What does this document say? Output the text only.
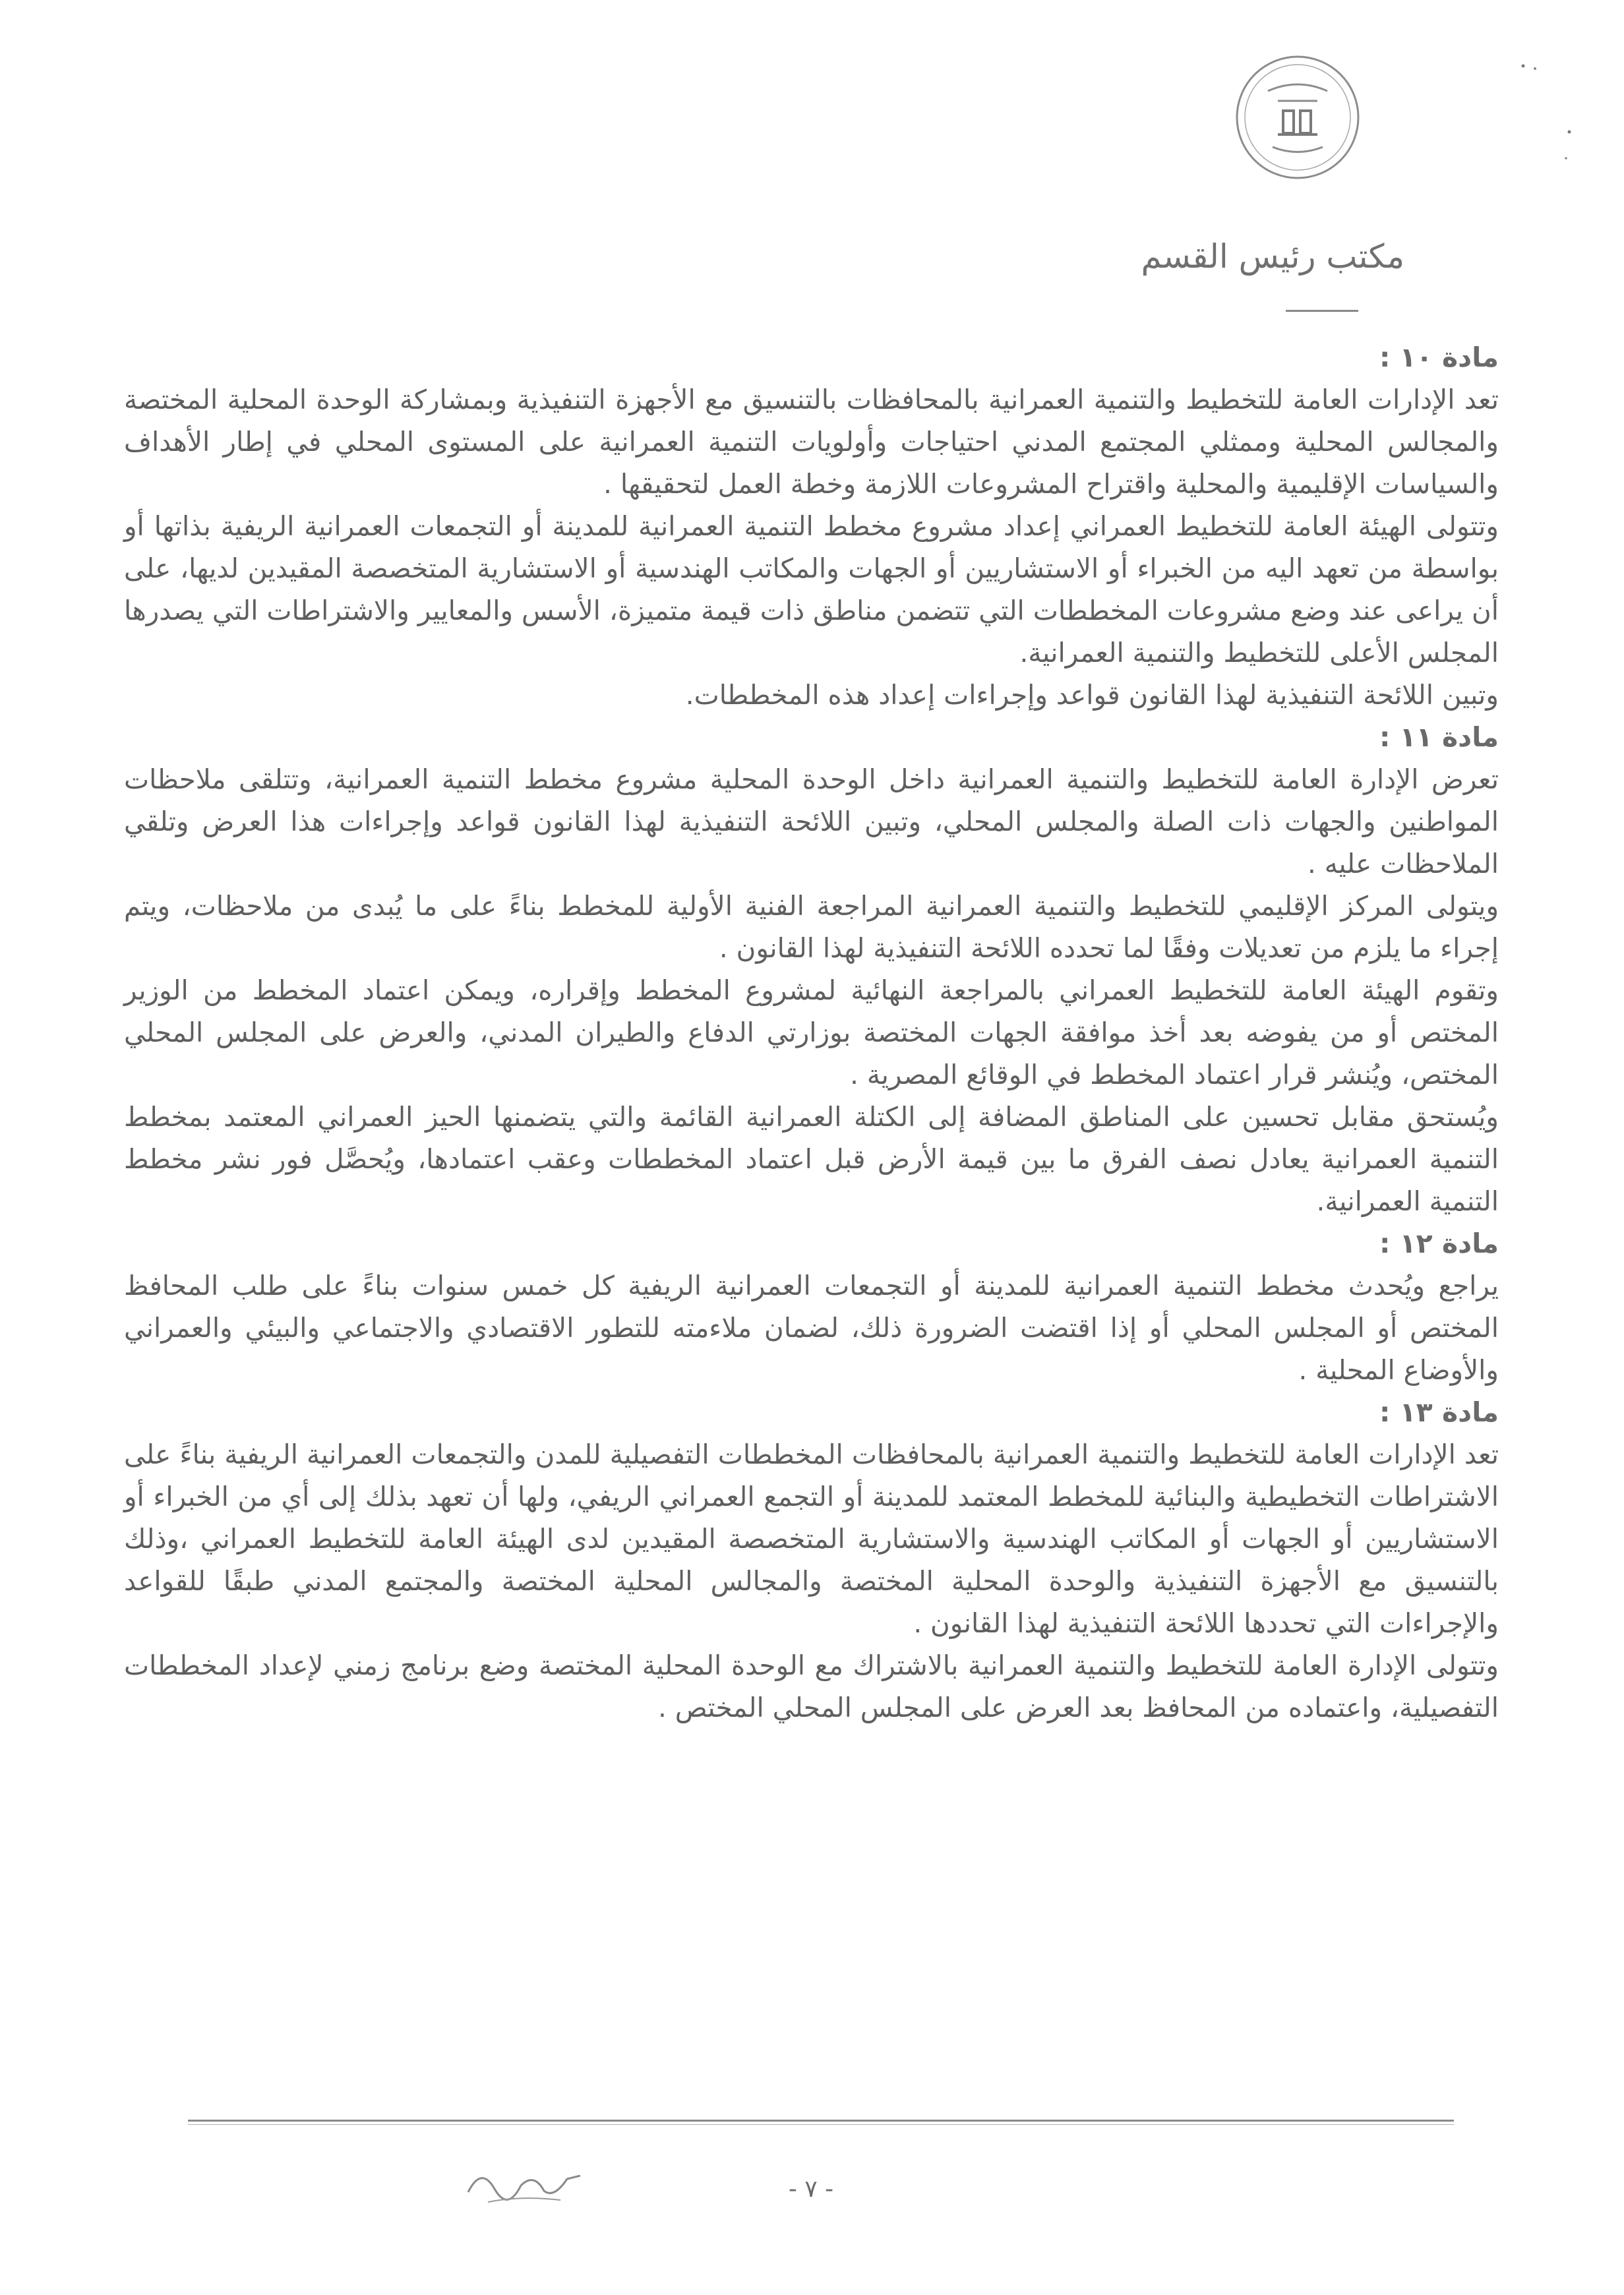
مكتب رئيس القسم
مادة ١٠ :

تعد الإدارات العامة للتخطيط والتنمية العمرانية بالمحافظات بالتنسيق مع الأجهزة التنفيذية وبمشاركة الوحدة المحلية المختصة والمجالس المحلية وممثلي المجتمع المدني احتياجات وأولويات التنمية العمرانية على المستوى المحلي في إطار الأهداف والسياسات الإقليمية والمحلية واقتراح المشروعات اللازمة وخطة العمل لتحقيقها .

وتتولى الهيئة العامة للتخطيط العمراني إعداد مشروع مخطط التنمية العمرانية للمدينة أو التجمعات العمرانية الريفية بذاتها أو بواسطة من تعهد اليه من الخبراء أو الاستشاريين أو الجهات والمكاتب الهندسية أو الاستشارية المتخصصة المقيدين لديها، على أن يراعى عند وضع مشروعات المخططات التي تتضمن مناطق ذات قيمة متميزة، الأسس والمعايير والاشتراطات التي يصدرها المجلس الأعلى للتخطيط والتنمية العمرانية.

وتبين اللائحة التنفيذية لهذا القانون قواعد وإجراءات إعداد هذه المخططات.

مادة ١١ :

تعرض الإدارة العامة للتخطيط والتنمية العمرانية داخل الوحدة المحلية مشروع مخطط التنمية العمرانية، وتتلقى ملاحظات المواطنين والجهات ذات الصلة والمجلس المحلي، وتبين اللائحة التنفيذية لهذا القانون قواعد وإجراءات هذا العرض وتلقي الملاحظات عليه .

ويتولى المركز الإقليمي للتخطيط والتنمية العمرانية المراجعة الفنية الأولية للمخطط بناءً على ما يُبدى من ملاحظات، ويتم إجراء ما يلزم من تعديلات وفقًا لما تحدده اللائحة التنفيذية لهذا القانون .

وتقوم الهيئة العامة للتخطيط العمراني بالمراجعة النهائية لمشروع المخطط وإقراره، ويمكن اعتماد المخطط من الوزير المختص أو من يفوضه بعد أخذ موافقة الجهات المختصة بوزارتي الدفاع والطيران المدني، والعرض على المجلس المحلي المختص، ويُنشر قرار اعتماد المخطط في الوقائع المصرية .

ويُستحق مقابل تحسين على المناطق المضافة إلى الكتلة العمرانية القائمة والتي يتضمنها الحيز العمراني المعتمد بمخطط التنمية العمرانية يعادل نصف الفرق ما بين قيمة الأرض قبل اعتماد المخططات وعقب اعتمادها، ويُحصَّل فور نشر مخطط التنمية العمرانية.

مادة ١٢ :

يراجع ويُحدث مخطط التنمية العمرانية للمدينة أو التجمعات العمرانية الريفية كل خمس سنوات بناءً على طلب المحافظ المختص أو المجلس المحلي أو إذا اقتضت الضرورة ذلك، لضمان ملاءمته للتطور الاقتصادي والاجتماعي والبيئي والعمراني والأوضاع المحلية .

مادة ١٣ :

تعد الإدارات العامة للتخطيط والتنمية العمرانية بالمحافظات المخططات التفصيلية للمدن والتجمعات العمرانية الريفية بناءً على الاشتراطات التخطيطية والبنائية للمخطط المعتمد للمدينة أو التجمع العمراني الريفي، ولها أن تعهد بذلك إلى أي من الخبراء أو الاستشاريين أو الجهات أو المكاتب الهندسية والاستشارية المتخصصة المقيدين لدى الهيئة العامة للتخطيط العمراني ،وذلك بالتنسيق مع الأجهزة التنفيذية والوحدة المحلية المختصة والمجالس المحلية المختصة والمجتمع المدني طبقًا للقواعد والإجراءات التي تحددها اللائحة التنفيذية لهذا القانون .

وتتولى الإدارة العامة للتخطيط والتنمية العمرانية بالاشتراك مع الوحدة المحلية المختصة وضع برنامج زمني لإعداد المخططات التفصيلية، واعتماده من المحافظ بعد العرض على المجلس المحلي المختص .

- ٧ -
